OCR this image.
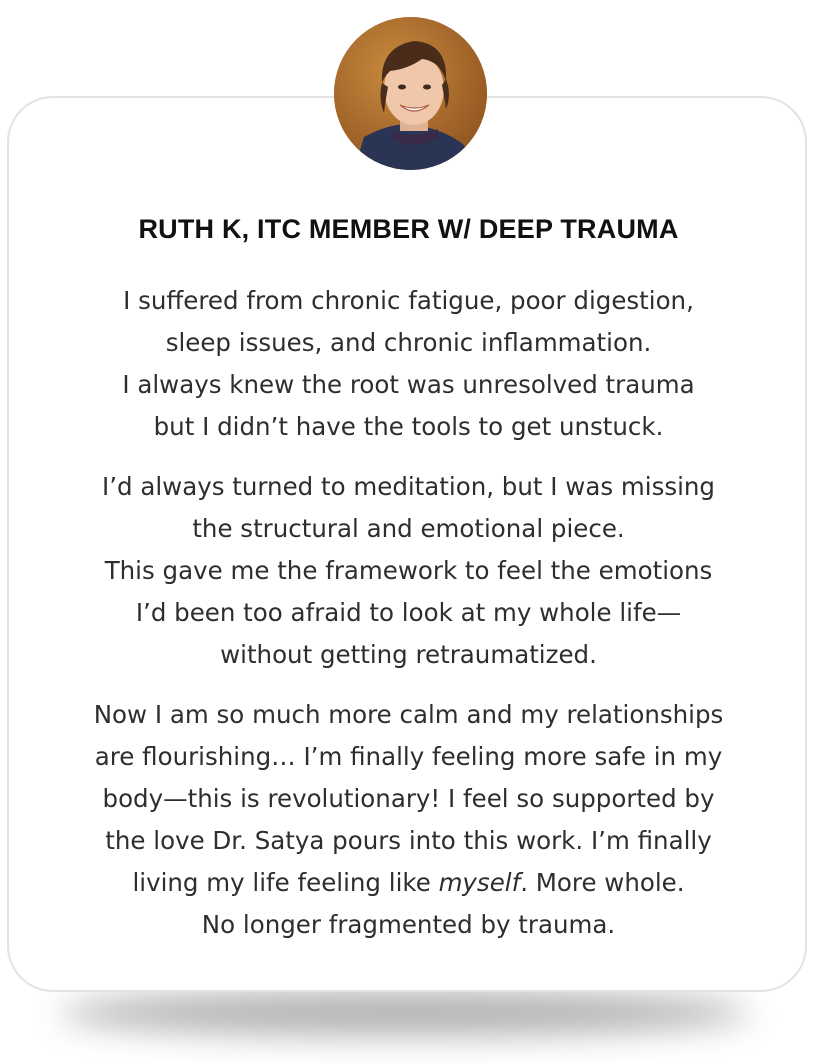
RUTH K, ITC MEMBER W/ DEEP TRAUMA
I suffered from chronic fatigue, poor digestion,
sleep issues, and chronic inflammation.
I always knew the root was unresolved trauma
but I didn’t have the tools to get unstuck.
I’d always turned to meditation, but I was missing
the structural and emotional piece.
This gave me the framework to feel the emotions
I’d been too afraid to look at my whole life—
without getting retraumatized.
Now I am so much more calm and my relationships
are flourishing… I’m finally feeling more safe in my
body—this is revolutionary! I feel so supported by
the love Dr. Satya pours into this work. I’m finally
living my life feeling like myself. More whole.
No longer fragmented by trauma.
